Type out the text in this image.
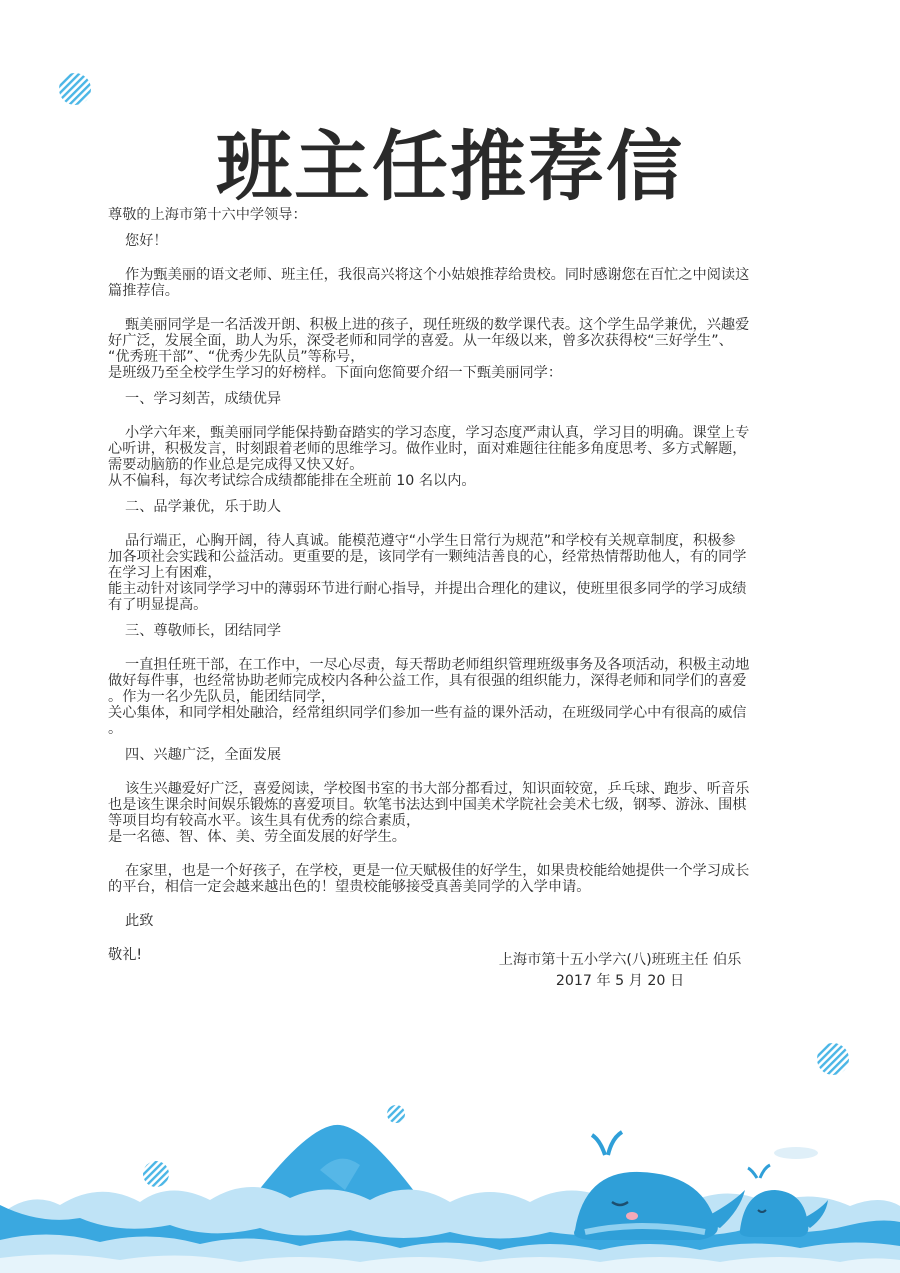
班主任推荐信

尊敬的上海市第十六中学领导：

您好！

作为甄美丽的语文老师、班主任，我很高兴将这个小姑娘推荐给贵校。同时感谢您在百忙之中阅读这

篇推荐信。

甄美丽同学是一名活泼开朗、积极上进的孩子，现任班级的数学课代表。这个学生品学兼优，兴趣爱

好广泛，发展全面，助人为乐，深受老师和同学的喜爱。从一年级以来，曾多次获得校“三好学生”、

“优秀班干部”、“优秀少先队员”等称号，

是班级乃至全校学生学习的好榜样。下面向您简要介绍一下甄美丽同学：

一、学习刻苦，成绩优异

小学六年来，甄美丽同学能保持勤奋踏实的学习态度，学习态度严肃认真，学习目的明确。课堂上专

心听讲，积极发言，时刻跟着老师的思维学习。做作业时，面对难题往往能多角度思考、多方式解题，

需要动脑筋的作业总是完成得又快又好。

从不偏科，每次考试综合成绩都能排在全班前 10 名以内。

二、品学兼优，乐于助人

品行端正，心胸开阔，待人真诚。能模范遵守“小学生日常行为规范”和学校有关规章制度，积极参

加各项社会实践和公益活动。更重要的是，该同学有一颗纯洁善良的心，经常热情帮助他人，有的同学

在学习上有困难，

能主动针对该同学学习中的薄弱环节进行耐心指导，并提出合理化的建议，使班里很多同学的学习成绩

有了明显提高。

三、尊敬师长，团结同学

一直担任班干部，在工作中，一尽心尽责，每天帮助老师组织管理班级事务及各项活动，积极主动地

做好每件事，也经常协助老师完成校内各种公益工作，具有很强的组织能力，深得老师和同学们的喜爱

。作为一名少先队员，能团结同学，

关心集体，和同学相处融洽，经常组织同学们参加一些有益的课外活动，在班级同学心中有很高的威信

。

四、兴趣广泛，全面发展

该生兴趣爱好广泛，喜爱阅读，学校图书室的书大部分都看过，知识面较宽，乒乓球、跑步、听音乐

也是该生课余时间娱乐锻炼的喜爱项目。软笔书法达到中国美术学院社会美术七级，钢琴、游泳、围棋

等项目均有较高水平。该生具有优秀的综合素质，

是一名德、智、体、美、劳全面发展的好学生。

在家里，也是一个好孩子，在学校，更是一位天赋极佳的好学生，如果贵校能给她提供一个学习成长

的平台，相信一定会越来越出色的！望贵校能够接受真善美同学的入学申请。

此致

敬礼!	上海市第十五小学六(八)班班主任 伯乐
2017 年 5 月 20 日
